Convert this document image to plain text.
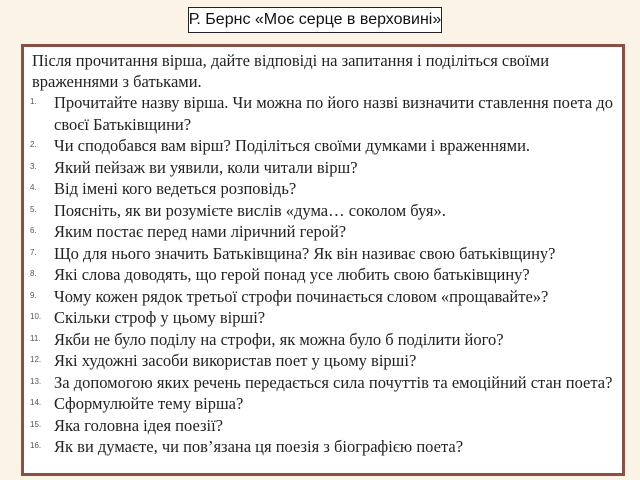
Р. Бернс «Моє серце в верховині»

Після прочитання вірша, дайте відповіді на запитання і поділіться своїми враженнями з батьками.

1. Прочитайте назву вірша. Чи можна по його назві визначити ставлення поета до своєї Батьківщини?
2. Чи сподобався вам вірш? Поділіться своїми думками і враженнями.
3. Який пейзаж ви уявили, коли читали вірш?
4. Від імені кого ведеться розповідь?
5. Поясніть, як ви розумієте вислів «дума… соколом буя».
6. Яким постає перед нами ліричний герой?
7. Що для нього значить Батьківщина? Як він називає свою батьківщину?
8. Які слова доводять, що герой понад усе любить свою батьківщину?
9. Чому кожен рядок третьої строфи починається словом «прощавайте»?
10. Скільки строф у цьому вірші?
11. Якби не було поділу на строфи, як можна було б поділити його?
12. Які художні засоби використав поет у цьому вірші?
13. За допомогою яких речень передається сила почуттів та емоційний стан поета?
14. Сформулюйте тему вірша?
15. Яка головна ідея поезії?
16. Як ви думаєте, чи пов’язана ця поезія з біографією поета?
